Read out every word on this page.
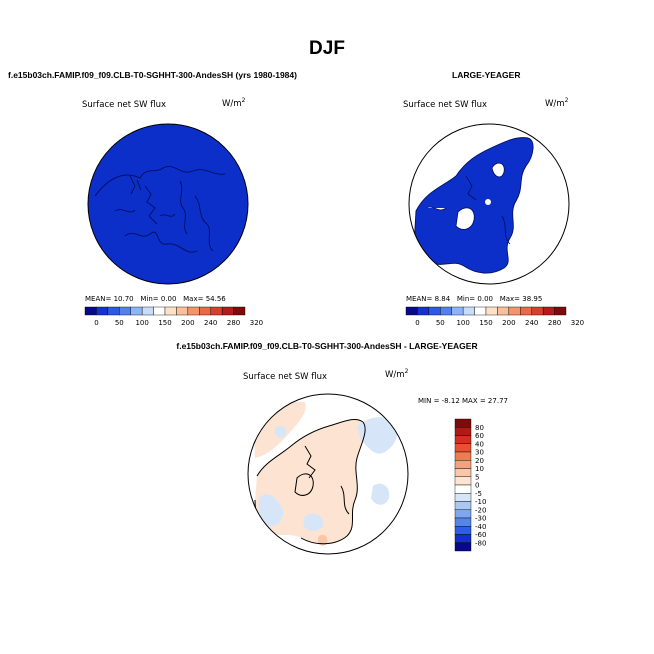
DJF
f.e15b03ch.FAMIP.f09_f09.CLB-T0-SGHHT-300-AndesSH (yrs 1980-1984)
Surface net SW flux	$W/m^2$
MEAN= 10.70 Min= 0.00 Max= 54.56
0 50 100 150 200 240 280 320
LARGE-YEAGER
Surface net SW flux	$W/m^2$
MEAN= 8.84 Min= 0.00 Max= 38.95
0 50 100 150 200 240 280 320
f.e15b03ch.FAMIP.f09_f09.CLB-T0-SGHHT-300-AndesSH - LARGE-YEAGER
Surface net SW flux	$W/m^2$
MIN = -8.12 MAX = 27.77
80
60
40
30
20
10
5
0
-5
-10
-20
-30
-40
-60
-80
